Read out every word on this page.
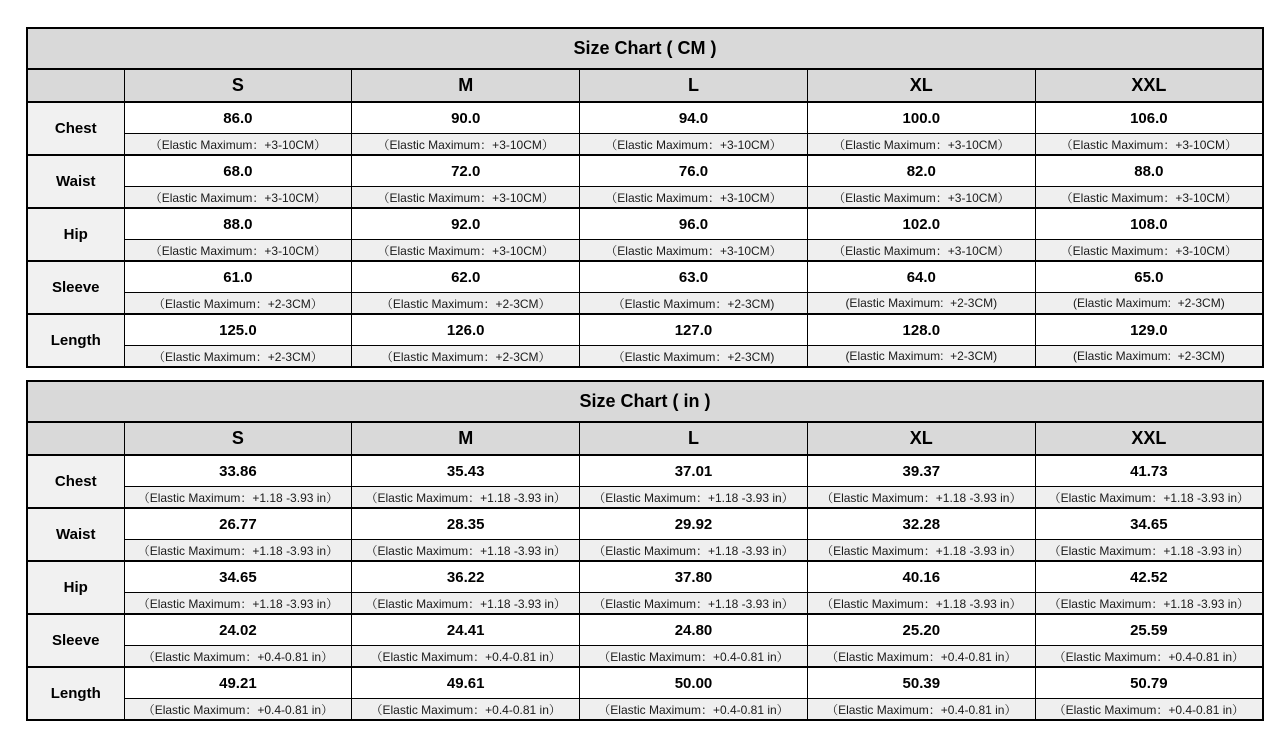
Size Chart ( CM )					
	S	M	L	XL	XXL
Chest	86.0	90.0	94.0	100.0	106.0
	（Elastic Maximum：+3-10CM）	（Elastic Maximum：+3-10CM）	（Elastic Maximum：+3-10CM）	（Elastic Maximum：+3-10CM）	（Elastic Maximum：+3-10CM）
Waist	68.0	72.0	76.0	82.0	88.0
	（Elastic Maximum：+3-10CM）	（Elastic Maximum：+3-10CM）	（Elastic Maximum：+3-10CM）	（Elastic Maximum：+3-10CM）	（Elastic Maximum：+3-10CM）
Hip	88.0	92.0	96.0	102.0	108.0
	（Elastic Maximum：+3-10CM）	（Elastic Maximum：+3-10CM）	（Elastic Maximum：+3-10CM）	（Elastic Maximum：+3-10CM）	（Elastic Maximum：+3-10CM）
Sleeve	61.0	62.0	63.0	64.0	65.0
	（Elastic Maximum：+2-3CM）	（Elastic Maximum：+2-3CM）	（Elastic Maximum：+2-3CM)	(Elastic Maximum:  +2-3CM)	(Elastic Maximum:  +2-3CM)
Length	125.0	126.0	127.0	128.0	129.0
	（Elastic Maximum：+2-3CM）	（Elastic Maximum：+2-3CM）	（Elastic Maximum：+2-3CM)	(Elastic Maximum:  +2-3CM)	(Elastic Maximum:  +2-3CM)
Size Chart ( in )					
	S	M	L	XL	XXL
Chest	33.86	35.43	37.01	39.37	41.73
	（Elastic Maximum：+1.18 -3.93 in）	（Elastic Maximum：+1.18 -3.93 in）	（Elastic Maximum：+1.18 -3.93 in）	（Elastic Maximum：+1.18 -3.93 in）	（Elastic Maximum：+1.18 -3.93 in）
Waist	26.77	28.35	29.92	32.28	34.65
	（Elastic Maximum：+1.18 -3.93 in）	（Elastic Maximum：+1.18 -3.93 in）	（Elastic Maximum：+1.18 -3.93 in）	（Elastic Maximum：+1.18 -3.93 in）	（Elastic Maximum：+1.18 -3.93 in）
Hip	34.65	36.22	37.80	40.16	42.52
	（Elastic Maximum：+1.18 -3.93 in）	（Elastic Maximum：+1.18 -3.93 in）	（Elastic Maximum：+1.18 -3.93 in）	（Elastic Maximum：+1.18 -3.93 in）	（Elastic Maximum：+1.18 -3.93 in）
Sleeve	24.02	24.41	24.80	25.20	25.59
	（Elastic Maximum：+0.4-0.81 in）	（Elastic Maximum：+0.4-0.81 in）	（Elastic Maximum：+0.4-0.81 in）	（Elastic Maximum：+0.4-0.81 in）	（Elastic Maximum：+0.4-0.81 in）
Length	49.21	49.61	50.00	50.39	50.79
	（Elastic Maximum：+0.4-0.81 in）	（Elastic Maximum：+0.4-0.81 in）	（Elastic Maximum：+0.4-0.81 in）	（Elastic Maximum：+0.4-0.81 in）	（Elastic Maximum：+0.4-0.81 in）
